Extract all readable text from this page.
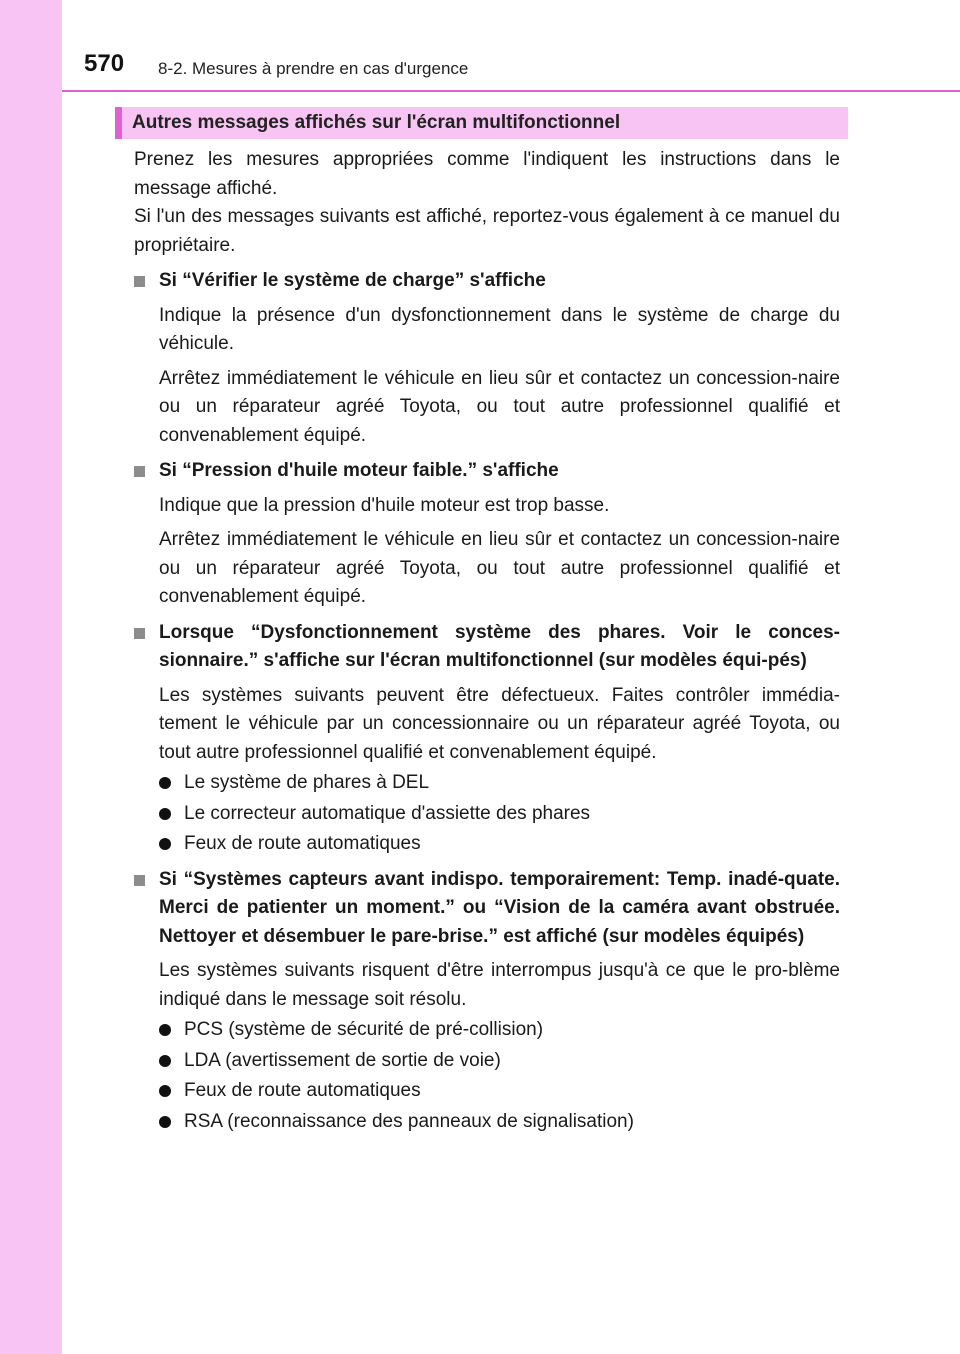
570 8-2. Mesures à prendre en cas d'urgence
Autres messages affichés sur l'écran multifonctionnel

Prenez les mesures appropriées comme l'indiquent les instructions dans le message affiché.

Si l'un des messages suivants est affiché, reportez-vous également à ce manuel du propriétaire.

Si “Vérifier le système de charge” s'affiche

Indique la présence d'un dysfonctionnement dans le système de charge du véhicule.

Arrêtez immédiatement le véhicule en lieu sûr et contactez un concession-naire ou un réparateur agréé Toyota, ou tout autre professionnel qualifié et convenablement équipé.

Si “Pression d'huile moteur faible.” s'affiche

Indique que la pression d'huile moteur est trop basse.

Arrêtez immédiatement le véhicule en lieu sûr et contactez un concession-naire ou un réparateur agréé Toyota, ou tout autre professionnel qualifié et convenablement équipé.

Lorsque “Dysfonctionnement système des phares. Voir le conces-sionnaire.” s'affiche sur l'écran multifonctionnel (sur modèles équi-pés)

Les systèmes suivants peuvent être défectueux. Faites contrôler immédia-tement le véhicule par un concessionnaire ou un réparateur agréé Toyota, ou tout autre professionnel qualifié et convenablement équipé.

Le système de phares à DEL
Le correcteur automatique d'assiette des phares
Feux de route automatiques
Si “Systèmes capteurs avant indispo. temporairement: Temp. inadé-quate. Merci de patienter un moment.” ou “Vision de la caméra avant obstruée. Nettoyer et désembuer le pare-brise.” est affiché (sur modèles équipés)

Les systèmes suivants risquent d'être interrompus jusqu'à ce que le pro-blème indiqué dans le message soit résolu.

PCS (système de sécurité de pré-collision)
LDA (avertissement de sortie de voie)
Feux de route automatiques
RSA (reconnaissance des panneaux de signalisation)
